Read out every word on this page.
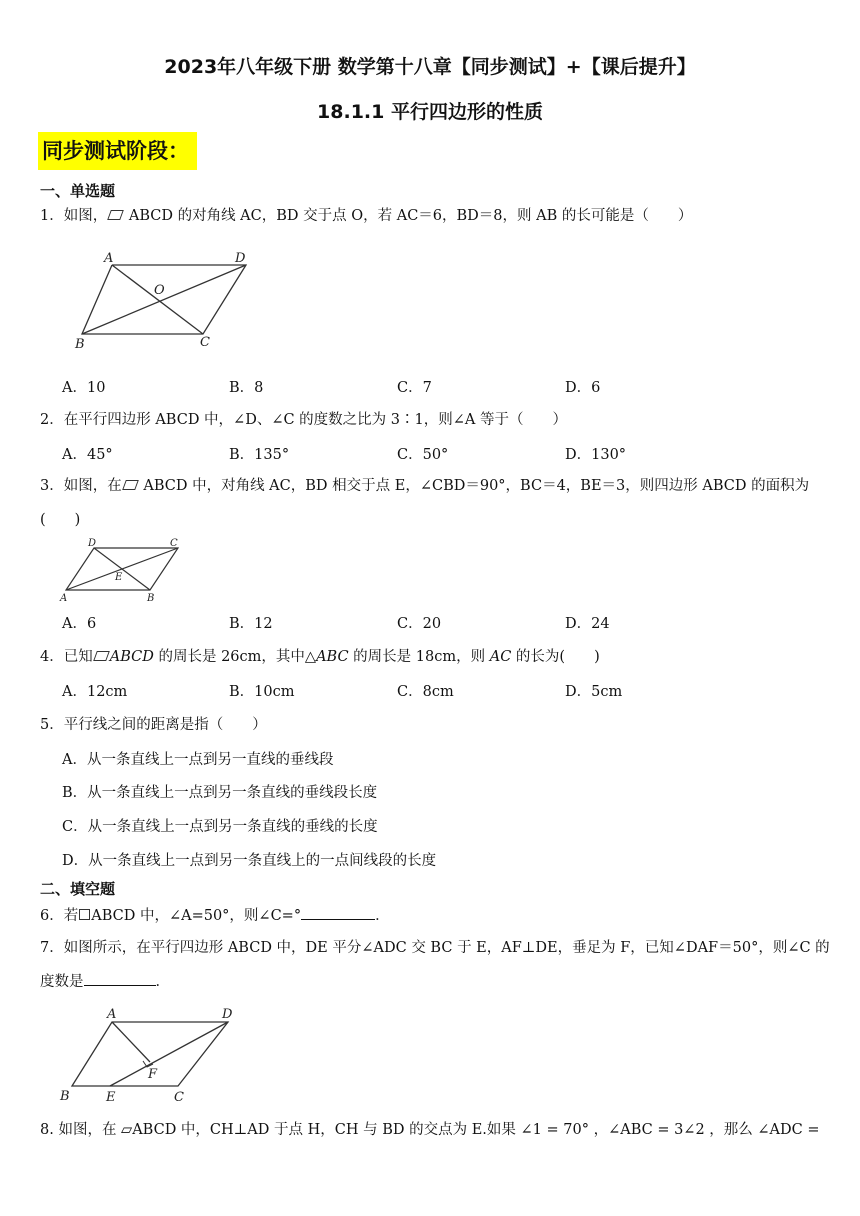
2023年八年级下册 数学第十八章【同步测试】+【课后提升】
18.1.1 平行四边形的性质
同步测试阶段：
一、单选题
1．如图， ABCD 的对角线 AC，BD 交于点 O，若 AC＝6，BD＝8，则 AB 的长可能是（　　）
A	D
O
B	C
A．10	B．8	C．7	D．6
2．在平行四边形 ABCD 中，∠D、∠C 的度数之比为 3∶1，则∠A 等于（　　）
A．45°	B．135°	C．50°	D．130°
3．如图，在 ABCD 中，对角线 AC，BD 相交于点 E，∠CBD＝90°，BC＝4，BE＝3，则四边形 ABCD 的面积为(　　)
D	C
E
A	B
A．6	B．12	C．20	D．24
4．已知 ABCD 的周长是 26cm，其中△ABC 的周长是 18cm，则 AC 的长为(　　)
A．12cm	B．10cm	C．8cm	D．5cm
5．平行线之间的距离是指（　　）
A．从一条直线上一点到另一直线的垂线段
B．从一条直线上一点到另一条直线的垂线段长度
C．从一条直线上一点到另一条直线的垂线的长度
D．从一条直线上一点到另一条直线上的一点间线段的长度
二、填空题
6．若 ABCD 中，∠A=50°，则∠C=°	．
7．如图所示，在平行四边形 ABCD 中，DE 平分∠ADC 交 BC 于 E，AF⊥DE，垂足为 F，已知∠DAF＝50°，则∠C 的度数是	．
A	D
F
B	E	C
8. 如图，在 ▱ABCD 中，CH⊥AD 于点 H，CH 与 BD 的交点为 E.如果 ∠1 = 70° ，∠ABC = 3∠2 ，那么 ∠ADC =
